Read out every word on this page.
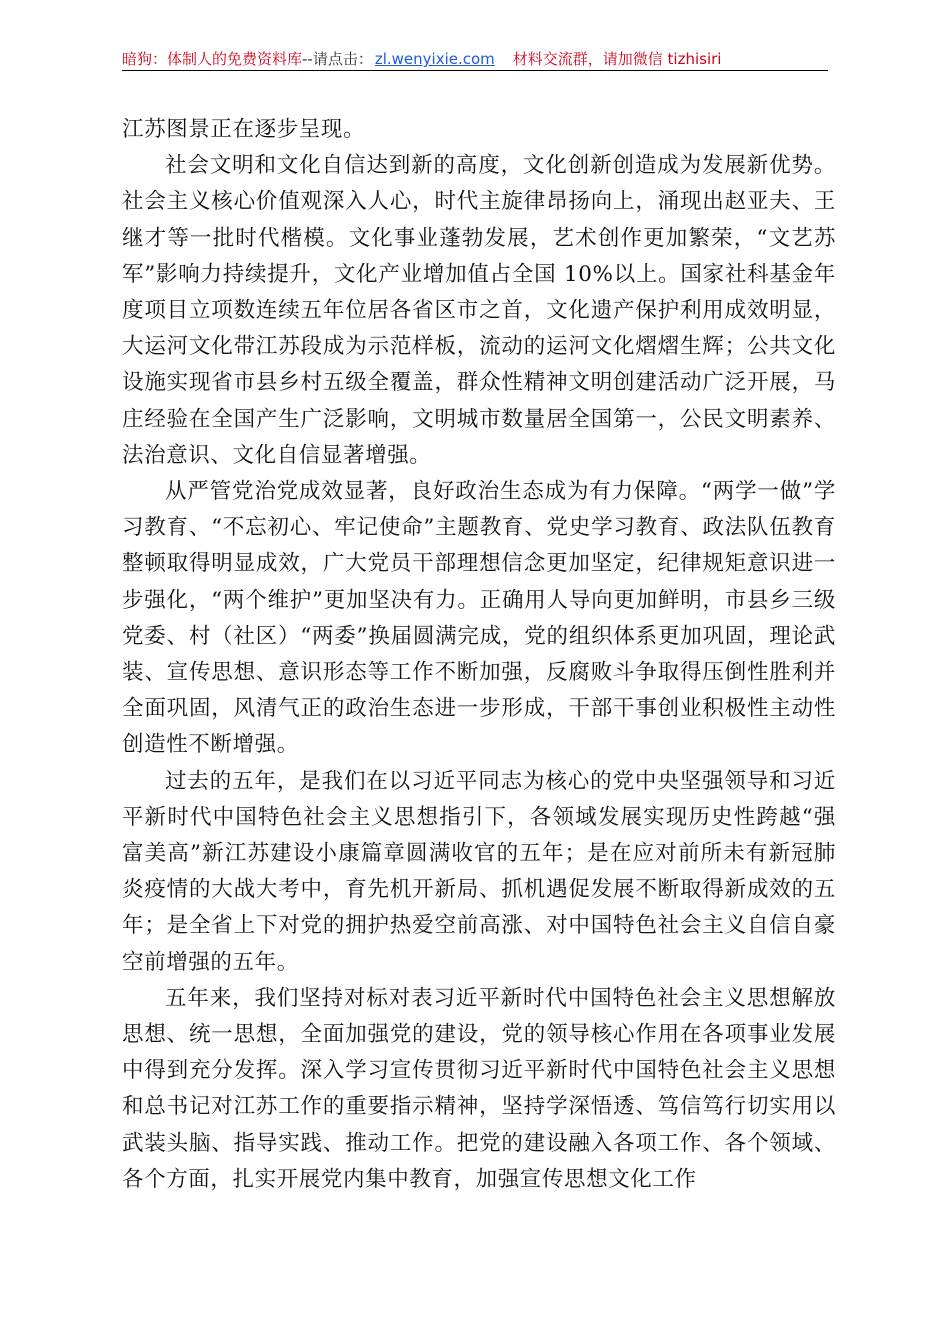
暗狗：体制人的免费资料库--请点击： zl.wenyixie.com 材料交流群，请加微信 tizhisiri

江苏图景正在逐步呈现。

社会文明和文化自信达到新的高度，文化创新创造成为发展新优势。社会主义核心价值观深入人心，时代主旋律昂扬向上，涌现出赵亚夫、王继才等一批时代楷模。文化事业蓬勃发展，艺术创作更加繁荣，“文艺苏军”影响力持续提升，文化产业增加值占全国 10%以上。国家社科基金年度项目立项数连续五年位居各省区市之首，文化遗产保护利用成效明显，大运河文化带江苏段成为示范样板，流动的运河文化熠熠生辉；公共文化设施实现省市县乡村五级全覆盖，群众性精神文明创建活动广泛开展，马庄经验在全国产生广泛影响，文明城市数量居全国第一，公民文明素养、法治意识、文化自信显著增强。

从严管党治党成效显著，良好政治生态成为有力保障。“两学一做”学习教育、“不忘初心、牢记使命”主题教育、党史学习教育、政法队伍教育整顿取得明显成效，广大党员干部理想信念更加坚定，纪律规矩意识进一步强化，“两个维护”更加坚决有力。正确用人导向更加鲜明，市县乡三级党委、村（社区）“两委”换届圆满完成，党的组织体系更加巩固，理论武装、宣传思想、意识形态等工作不断加强，反腐败斗争取得压倒性胜利并全面巩固，风清气正的政治生态进一步形成，干部干事创业积极性主动性创造性不断增强。

过去的五年，是我们在以习近平同志为核心的党中央坚强领导和习近平新时代中国特色社会主义思想指引下，各领域发展实现历史性跨越“强富美高”新江苏建设小康篇章圆满收官的五年；是在应对前所未有新冠肺炎疫情的大战大考中，育先机开新局、抓机遇促发展不断取得新成效的五年；是全省上下对党的拥护热爱空前高涨、对中国特色社会主义自信自豪空前增强的五年。

五年来，我们坚持对标对表习近平新时代中国特色社会主义思想解放思想、统一思想，全面加强党的建设，党的领导核心作用在各项事业发展中得到充分发挥。深入学习宣传贯彻习近平新时代中国特色社会主义思想和总书记对江苏工作的重要指示精神，坚持学深悟透、笃信笃行切实用以武装头脑、指导实践、推动工作。把党的建设融入各项工作、各个领域、各个方面，扎实开展党内集中教育，加强宣传思想文化工作
